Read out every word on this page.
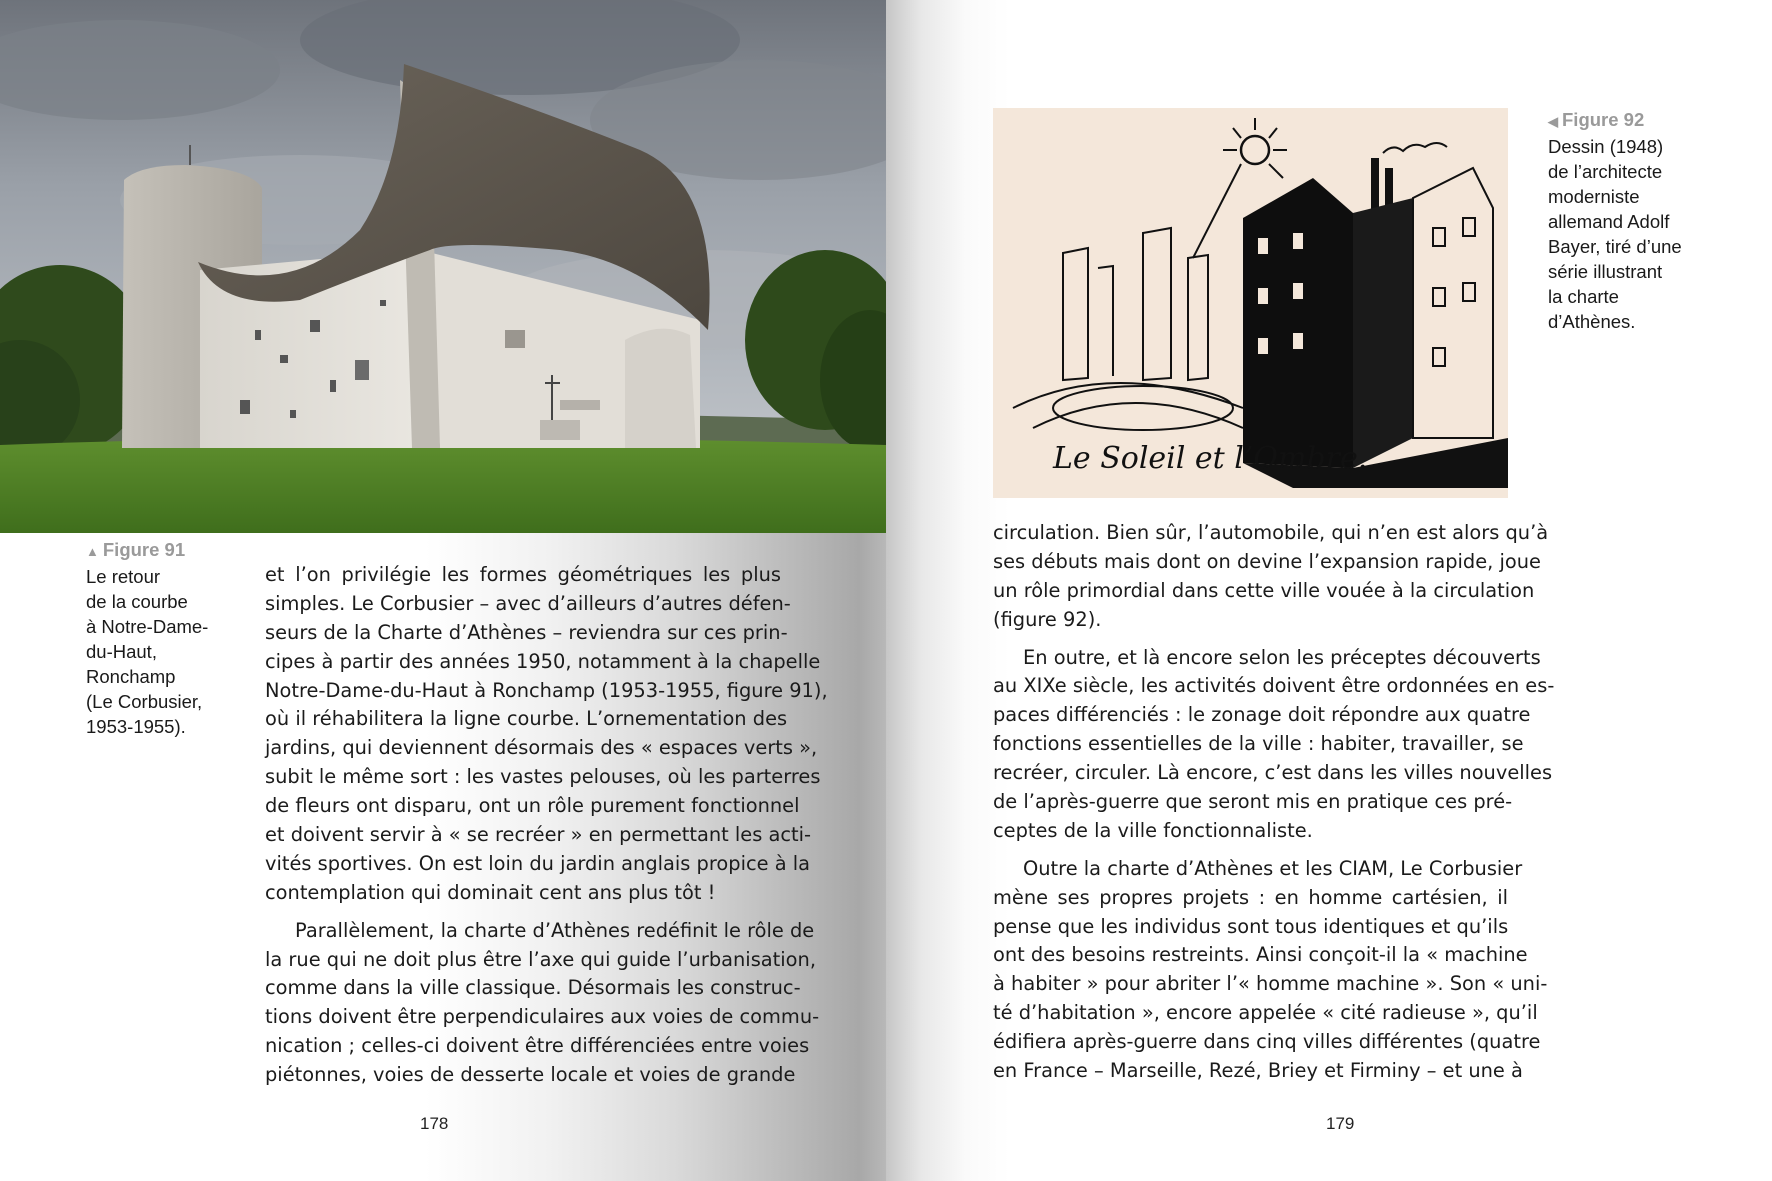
▲ Figure 91
Le retour
de la courbe
à Notre-Dame-
du-Haut,
Ronchamp
(Le Corbusier,
1953-1955).
et l’on privilégie les formes géométriques les plus
simples. Le Corbusier – avec d’ailleurs d’autres défen-
seurs de la Charte d’Athènes – reviendra sur ces prin-
cipes à partir des années 1950, notamment à la chapelle
Notre-Dame-du-Haut à Ronchamp (1953-1955, figure 91),
où il réhabilitera la ligne courbe. L’ornementation des
jardins, qui deviennent désormais des « espaces verts »,
subit le même sort : les vastes pelouses, où les parterres
de fleurs ont disparu, ont un rôle purement fonctionnel
et doivent servir à « se recréer » en permettant les acti-
vités sportives. On est loin du jardin anglais propice à la
contemplation qui dominait cent ans plus tôt !
Parallèlement, la charte d’Athènes redéfinit le rôle de
la rue qui ne doit plus être l’axe qui guide l’urbanisation,
comme dans la ville classique. Désormais les construc-
tions doivent être perpendiculaires aux voies de commu-
nication ; celles-ci doivent être différenciées entre voies
piétonnes, voies de desserte locale et voies de grande
178
Le Soleil et l’Ombre...
◀ Figure 92
Dessin (1948)
de l’architecte
moderniste
allemand Adolf
Bayer, tiré d’une
série illustrant
la charte
d’Athènes.
circulation. Bien sûr, l’automobile, qui n’en est alors qu’à
ses débuts mais dont on devine l’expansion rapide, joue
un rôle primordial dans cette ville vouée à la circulation
(figure 92).
En outre, et là encore selon les préceptes découverts
au XIXe siècle, les activités doivent être ordonnées en es-
paces différenciés : le zonage doit répondre aux quatre
fonctions essentielles de la ville : habiter, travailler, se
recréer, circuler. Là encore, c’est dans les villes nouvelles
de l’après-guerre que seront mis en pratique ces pré-
ceptes de la ville fonctionnaliste.
Outre la charte d’Athènes et les CIAM, Le Corbusier
mène ses propres projets : en homme cartésien, il
pense que les individus sont tous identiques et qu’ils
ont des besoins restreints. Ainsi conçoit-il la « machine
à habiter » pour abriter l’« homme machine ». Son « uni-
té d’habitation », encore appelée « cité radieuse », qu’il
édifiera après-guerre dans cinq villes différentes (quatre
en France – Marseille, Rezé, Briey et Firminy – et une à
179
